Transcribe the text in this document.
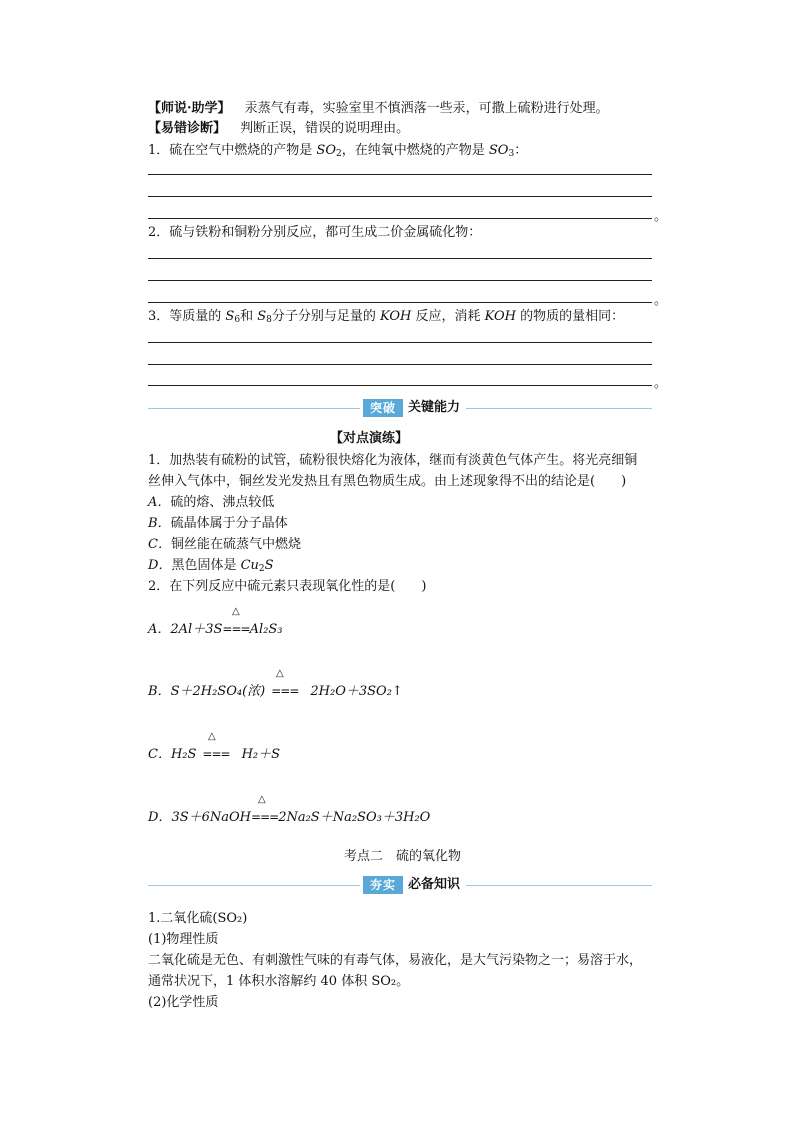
【师说·助学】 汞蒸气有毒，实验室里不慎洒落一些汞，可撒上硫粉进行处理。
【易错诊断】 判断正误，错误的说明理由。
1．硫在空气中燃烧的产物是 $SO_2$，在纯氧中燃烧的产物是 $SO_3$：
。
2．硫与铁粉和铜粉分别反应，都可生成二价金属硫化物：
。
3．等质量的 $S_6$和 $S_8$分子分别与足量的 KOH 反应，消耗 KOH 的物质的量相同：
。
突破 关键能力
【对点演练】
1．加热装有硫粉的试管，硫粉很快熔化为液体，继而有淡黄色气体产生。将光亮细铜
丝伸入气体中，铜丝发光发热且有黑色物质生成。由上述现象得不出的结论是(　　)
A．硫的熔、沸点较低
B．硫晶体属于分子晶体
C．铜丝能在硫蒸气中燃烧
D．黑色固体是 $Cu_2S$
2．在下列反应中硫元素只表现氧化性的是(　　)
△
A．2Al＋3S===Al₂S₃
△
B．S＋2H₂SO₄(浓) === 2H₂O＋3SO₂↑
△
C．H₂S === H₂＋S
△
D．3S＋6NaOH===2Na₂S＋Na₂SO₃＋3H₂O
考点二　硫的氧化物
夯实 必备知识
1.二氧化硫(SO₂)
(1)物理性质
二氧化硫是无色、有刺激性气味的有毒气体，易液化，是大气污染物之一；易溶于水，
通常状况下，1 体积水溶解约 40 体积 SO₂。
(2)化学性质
